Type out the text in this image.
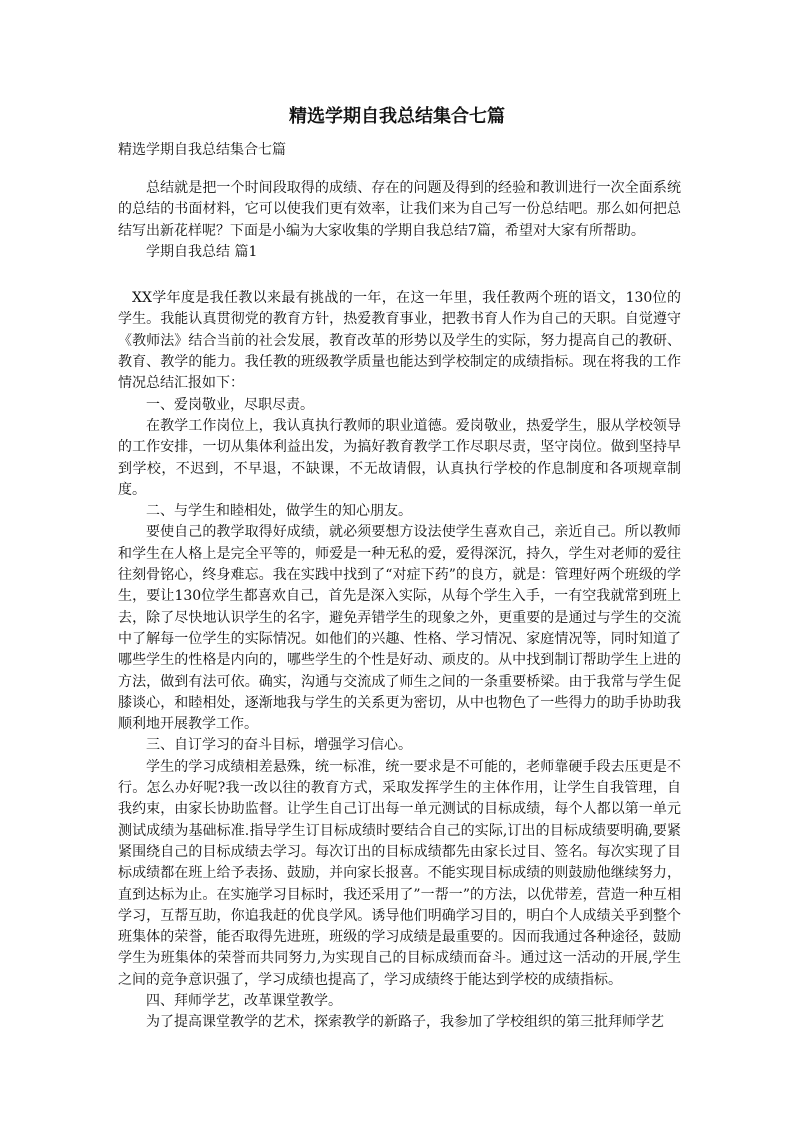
精选学期自我总结集合七篇

精选学期自我总结集合七篇

总结就是把一个时间段取得的成绩、存在的问题及得到的经验和教训进行一次全面系统的总结的书面材料，它可以使我们更有效率，让我们来为自己写一份总结吧。那么如何把总结写出新花样呢？下面是小编为大家收集的学期自我总结7篇，希望对大家有所帮助。

学期自我总结 篇1

XX学年度是我任教以来最有挑战的一年，在这一年里，我任教两个班的语文，130位的学生。我能认真贯彻党的教育方针，热爱教育事业，把教书育人作为自己的天职。自觉遵守《教师法》结合当前的社会发展，教育改革的形势以及学生的实际，努力提高自己的教研、教育、教学的能力。我任教的班级教学质量也能达到学校制定的成绩指标。现在将我的工作情况总结汇报如下：

一、爱岗敬业，尽职尽责。

在教学工作岗位上，我认真执行教师的职业道德。爱岗敬业，热爱学生，服从学校领导的工作安排，一切从集体利益出发，为搞好教育教学工作尽职尽责，坚守岗位。做到坚持早到学校，不迟到，不早退，不缺课，不无故请假，认真执行学校的作息制度和各项规章制度。

二、与学生和睦相处，做学生的知心朋友。

要使自己的教学取得好成绩，就必须要想方设法使学生喜欢自己，亲近自己。所以教师和学生在人格上是完全平等的，师爱是一种无私的爱，爱得深沉，持久，学生对老师的爱往往刻骨铭心，终身难忘。我在实践中找到了“对症下药”的良方，就是：管理好两个班级的学生，要让130位学生都喜欢自己，首先是深入实际，从每个学生入手，一有空我就常到班上去，除了尽快地认识学生的名字，避免弄错学生的现象之外，更重要的是通过与学生的交流中了解每一位学生的实际情况。如他们的兴趣、性格、学习情况、家庭情况等，同时知道了哪些学生的性格是内向的，哪些学生的个性是好动、顽皮的。从中找到制订帮助学生上进的方法，做到有法可依。确实，沟通与交流成了师生之间的一条重要桥梁。由于我常与学生促膝谈心，和睦相处，逐渐地我与学生的关系更为密切，从中也物色了一些得力的助手协助我顺利地开展教学工作。

三、自订学习的奋斗目标，增强学习信心。

学生的学习成绩相差悬殊，统一标准，统一要求是不可能的，老师靠硬手段去压更是不行。怎么办好呢?我一改以往的教育方式，采取发挥学生的主体作用，让学生自我管理，自我约束，由家长协助监督。让学生自己订出每一单元测试的目标成绩，每个人都以第一单元测试成绩为基础标准.指导学生订目标成绩时要结合自己的实际,订出的目标成绩要明确,要紧紧围绕自己的目标成绩去学习。每次订出的目标成绩都先由家长过目、签名。每次实现了目标成绩都在班上给予表扬、鼓励，并向家长报喜。不能实现目标成绩的则鼓励他继续努力，直到达标为止。在实施学习目标时，我还采用了”一帮一”的方法，以优带差，营造一种互相学习，互帮互助，你追我赶的优良学风。诱导他们明确学习目的，明白个人成绩关乎到整个班集体的荣誉，能否取得先进班，班级的学习成绩是最重要的。因而我通过各种途径，鼓励学生为班集体的荣誉而共同努力,为实现自己的目标成绩而奋斗。通过这一活动的开展,学生之间的竞争意识强了，学习成绩也提高了，学习成绩终于能达到学校的成绩指标。

四、拜师学艺，改革课堂教学。

为了提高课堂教学的艺术，探索教学的新路子，我参加了学校组织的第三批拜师学艺
